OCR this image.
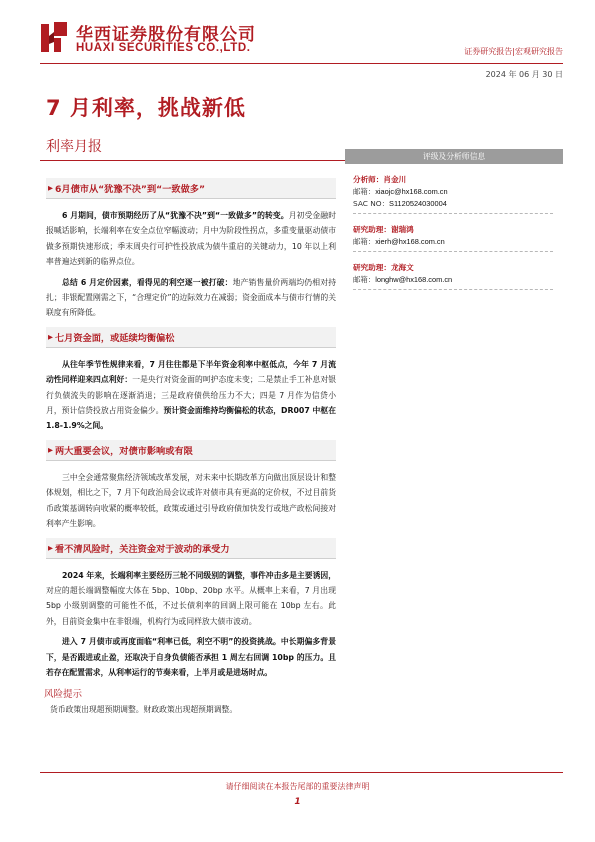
华西证券股份有限公司
HUAXI SECURITIES CO.,LTD.	证券研究报告|宏观研究报告
2024 年 06 月 30 日
7 月利率，挑战新低
利率月报
▶ 6月债市从“犹豫不决”到“一致做多”

6 月期间，债市预期经历了从“犹豫不决”到“一致做多”的转变。月初受金融时报喊话影响，长端利率在安全点位窄幅波动；月中为阶段性拐点，多重变量驱动债市做多预期快速形成；季末周央行可护性投放成为债牛重启的关键动力，10 年以上利率普遍达到新的临界点位。

总结 6 月定价因素，看得见的利空逐一被打破：地产销售量价两端均仍相对持扎；非银配置刚需之下，“合理定价”的边际效力在减弱；资金面成本与债市行情的关联度有所降低。

▶ 七月资金面，或延续均衡偏松

从往年季节性规律来看，7 月往往都是下半年资金利率中枢低点，今年 7 月流动性同样迎来四点利好：一是央行对资金面的呵护态度未变；二是禁止手工补息对银行负债流失的影响在逐渐消退；三是政府债供给压力不大；四是 7 月作为信贷小月，预计信贷投放占用资金偏少。预计资金面维持均衡偏松的状态，DR007 中枢在 1.8-1.9%之间。

▶ 两大重要会议，对债市影响或有限

三中全会通常聚焦经济领域改革发展，对未来中长期改革方向做出顶层设计和整体规划，相比之下，7 月下旬政治局会议或许对债市具有更高的定价权，不过目前货币政策基调转向收紧的概率较低，政策或通过引导政府债加快发行或地产政松间接对利率产生影响。

▶ 看不清风险时，关注资金对于波动的承受力

2024 年来，长端利率主要经历三轮不同级别的调整，事件冲击多是主要诱因，对应的超长端调整幅度大体在 5bp、10bp、20bp 水平。从概率上来看，7 月出现 5bp 小级别调整的可能性不低，不过长债利率的回调上限可能在 10bp 左右。此外，目前资金集中在非银端，机构行为或同样放大债市波动。

进入 7 月债市或再度面临“利率已低，利空不明”的投资挑战。中长期偏多背景下，是否跟进或止盈，还取决于自身负债能否承担 1 周左右回调 10bp 的压力。且若存在配置需求，从利率运行的节奏来看，上半月或是进场时点。

风险提示

货币政策出现超预期调整。财政政策出现超预期调整。

评级及分析师信息
分析师：肖金川
邮箱：xiaojc@hx168.com.cn
SAC NO：S1120524030004
研究助理：谢瑞鸿
邮箱：xierh@hx168.com.cn
研究助理：龙海文
邮箱：longhw@hx168.com.cn
请仔细阅读在本报告尾部的重要法律声明
1
